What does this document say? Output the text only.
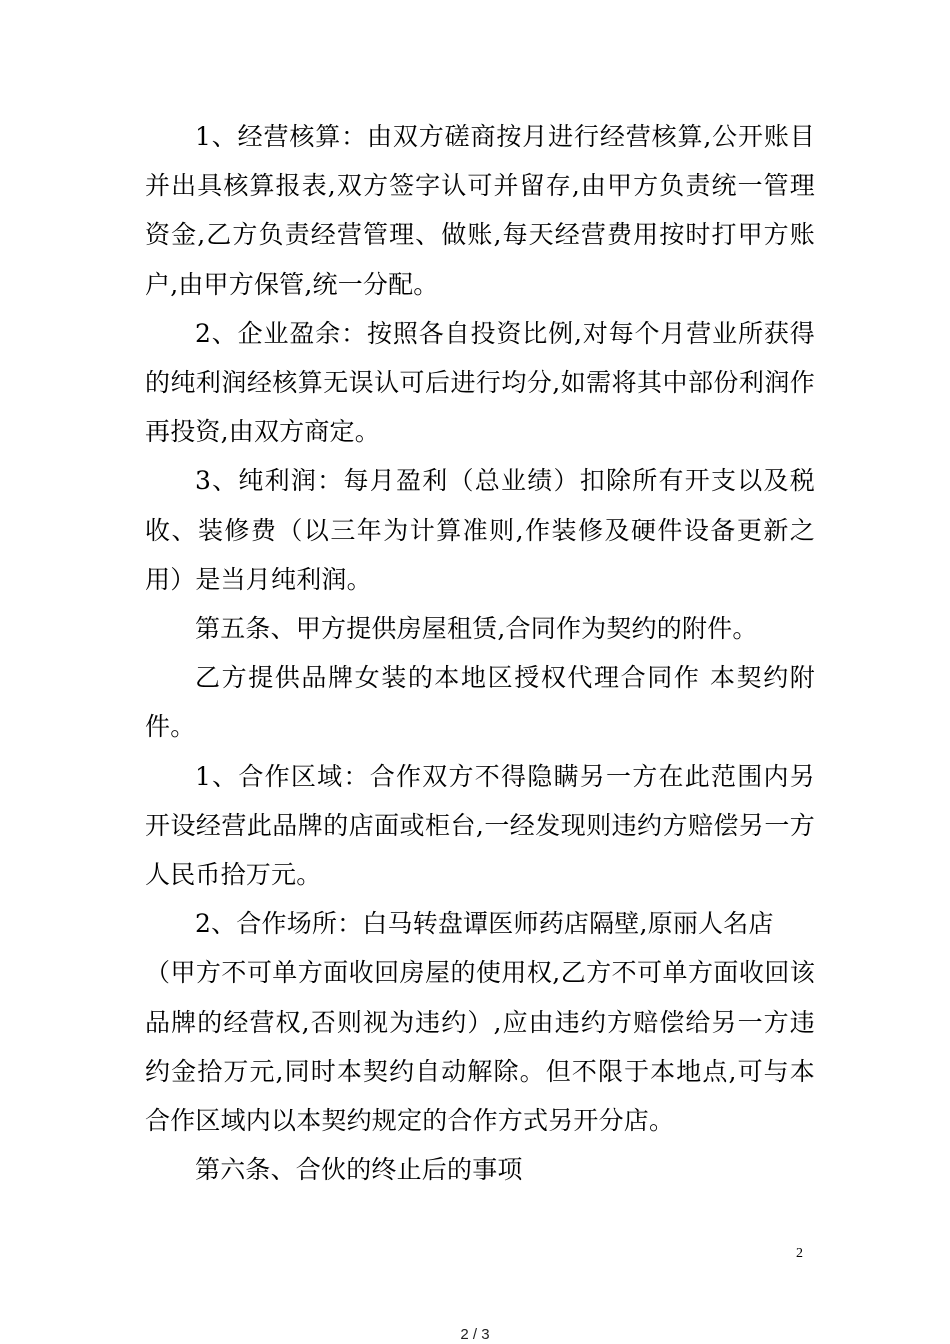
1、经营核算：由双方磋商按月进行经营核算,公开账目并出具核算报表,双方签字认可并留存,由甲方负责统一管理资金,乙方负责经营管理、做账,每天经营费用按时打甲方账户,由甲方保管,统一分配。

2、企业盈余：按照各自投资比例,对每个月营业所获得的纯利润经核算无误认可后进行均分,如需将其中部份利润作再投资,由双方商定。

3、纯利润：每月盈利（总业绩）扣除所有开支以及税收、装修费（以三年为计算准则,作装修及硬件设备更新之用）是当月纯利润。

第五条、甲方提供房屋租赁,合同作为契约的附件。

乙方提供品牌女装的本地区授权代理合同作 本契约附件。

1、合作区域：合作双方不得隐瞒另一方在此范围内另开设经营此品牌的店面或柜台,一经发现则违约方赔偿另一方人民币拾万元。

2、合作场所：白马转盘谭医师药店隔壁,原丽人名店

（甲方不可单方面收回房屋的使用权,乙方不可单方面收回该品牌的经营权,否则视为违约）,应由违约方赔偿给另一方违约金拾万元,同时本契约自动解除。但不限于本地点,可与本合作区域内以本契约规定的合作方式另开分店。

第六条、合伙的终止后的事项

2
2 / 3
